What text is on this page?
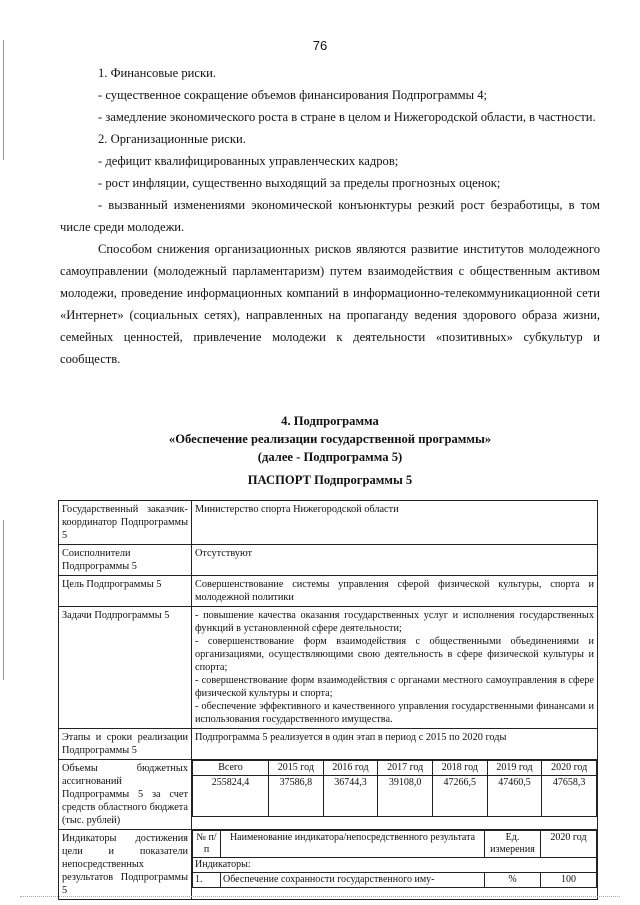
76

1. Финансовые риски.

- существенное сокращение объемов финансирования Подпрограммы 4;

- замедление экономического роста в стране в целом и Нижегородской области, в частности.

2. Организационные риски.

- дефицит квалифицированных управленческих кадров;

- рост инфляции, существенно выходящий за пределы прогнозных оценок;

- вызванный изменениями экономической конъюнктуры резкий рост безработицы, в том числе среди молодежи.

Способом снижения организационных рисков являются развитие институтов молодежного самоуправлении (молодежный парламентаризм) путем взаимодействия с общественным активом молодежи, проведение информационных компаний в информационно-телекоммуникационной сети «Интернет» (социальных сетях), направленных на пропаганду ведения здорового образа жизни, семейных ценностей, привлечение молодежи к деятельности «позитивных» субкультур и сообществ.

4. Подпрограмма

«Обеспечение реализации государственной программы»

(далее - Подпрограмма 5)

ПАСПОРТ Подпрограммы 5

Государственный заказчик-координатор Подпрограммы 5	Министерство спорта Нижегородской области
Соисполнители Подпрограммы 5	Отсутствуют
Цель Подпрограммы 5	Совершенствование системы управления сферой физической культуры, спорта и молодежной политики
Задачи Подпрограммы 5	- повышение качества оказания государственных услуг и исполнения государственных функций в установленной сфере деятельности;
- совершенствование форм взаимодействия с общественными объединениями и организациями, осуществляющими свою деятельность в сфере физической культуры и спорта;
- совершенствование форм взаимодействия с органами местного самоуправления в сфере физической культуры и спорта;
- обеспечение эффективного и качественного управления государственными финансами и использования государственного имущества.

Этапы и сроки реализации Подпрограммы 5	Подпрограмма 5 реализуется в один этап в период с 2015 по 2020 годы
Объемы бюджетных ассигнований Подпрограммы 5 за счет средств областного бюджета (тыс. рублей)	
Всего	2015 год	2016 год	2017 год	2018 год	2019 год	2020 год
255824,4	37586,8	36744,3	39108,0	47266,5	47460,5	47658,3

Индикаторы достижения цели и показатели непосредственных результатов Подпрограммы 5	
№ п/п	Наименование индикатора/непосредственного результата	Ед. измерения	2020 год
Индикаторы:
1.	Обеспечение сохранности государственного иму-	%	100
